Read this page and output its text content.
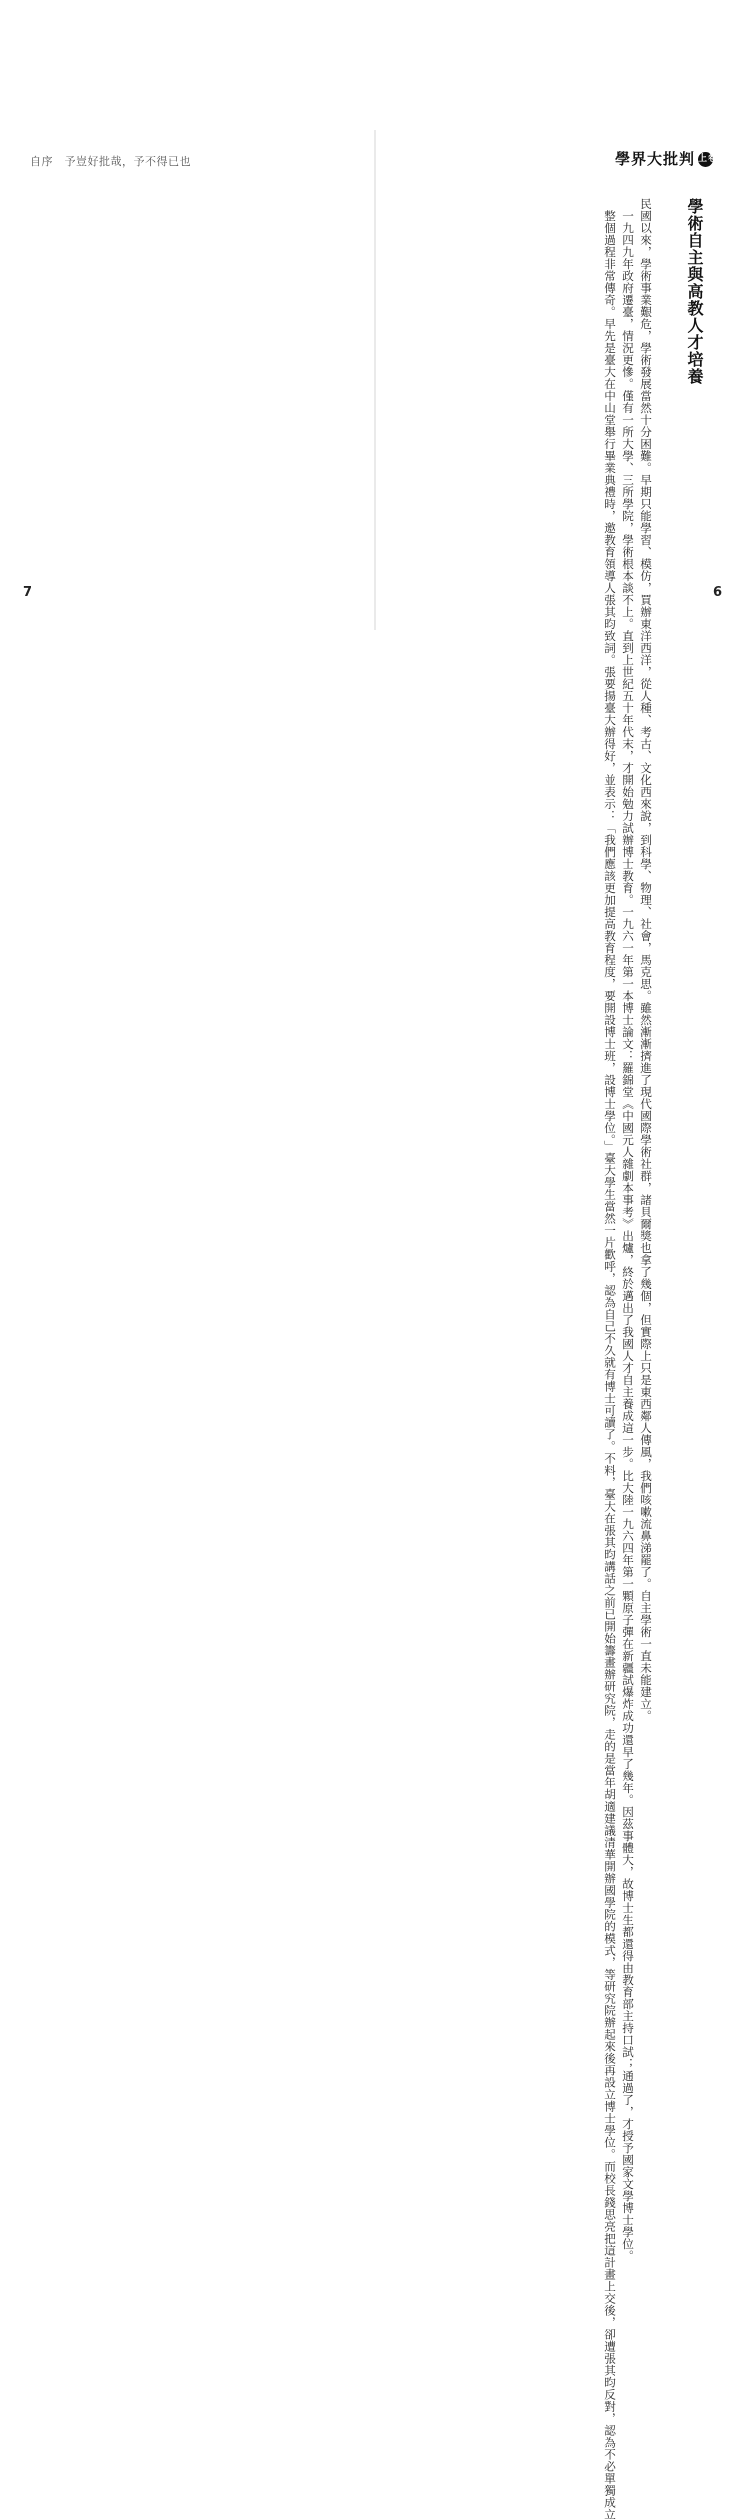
自序　予豈好批哉，予不得已也
7
學界大批判 上卷
學術自主與高教人才培養
民國以來，學術事業艱危，學術發展當然十分困難。早期只能學習、模仿，買辦東洋西洋，從人種、考古、文化西來說，到科學、物理、社會，馬克思。雖然漸漸擠進了現代國際學術社群，諸貝爾獎也拿了幾個，但實際上只是東西鄰人傳風，我們咳嗽流鼻涕罷了。自主學術一直未能建立。
　一九四九年政府遷臺，情況更慘。僅有一所大學、三所學院，學術根本談不上。直到上世紀五十年代末，才開始勉力試辦博士教育。一九六一年第一本博士論文：羅錦堂《中國元人雜劇本事考》出爐，終於邁出了我國人才自主養成這一步。比大陸一九六四年第一顆原子彈在新疆試爆炸成功還早了幾年。因茲事體大，故博士生都還得由教育部主持口試；通過了，才授予國家文學博士學位。
　整個過程非常傳奇。早先是臺大在中山堂舉行畢業典禮時，邀教育領導人張其昀致詞。張要揚臺大辦得好，並表示：「我們應該更加提高教育程度，要開設博士班，設博士學位。」臺大學生當然一片歡呼，認為自己不久就有博士可讀了。不料，臺大在張其昀講話之前已開始籌畫辦研究院，走的是當年胡適建議清華開辦國學院的模式，等研究院辦起來後再設立博士學位。而校長錢思亮把這計畫上交後，卻遭張其昀反對，認為不必單獨成立	6
